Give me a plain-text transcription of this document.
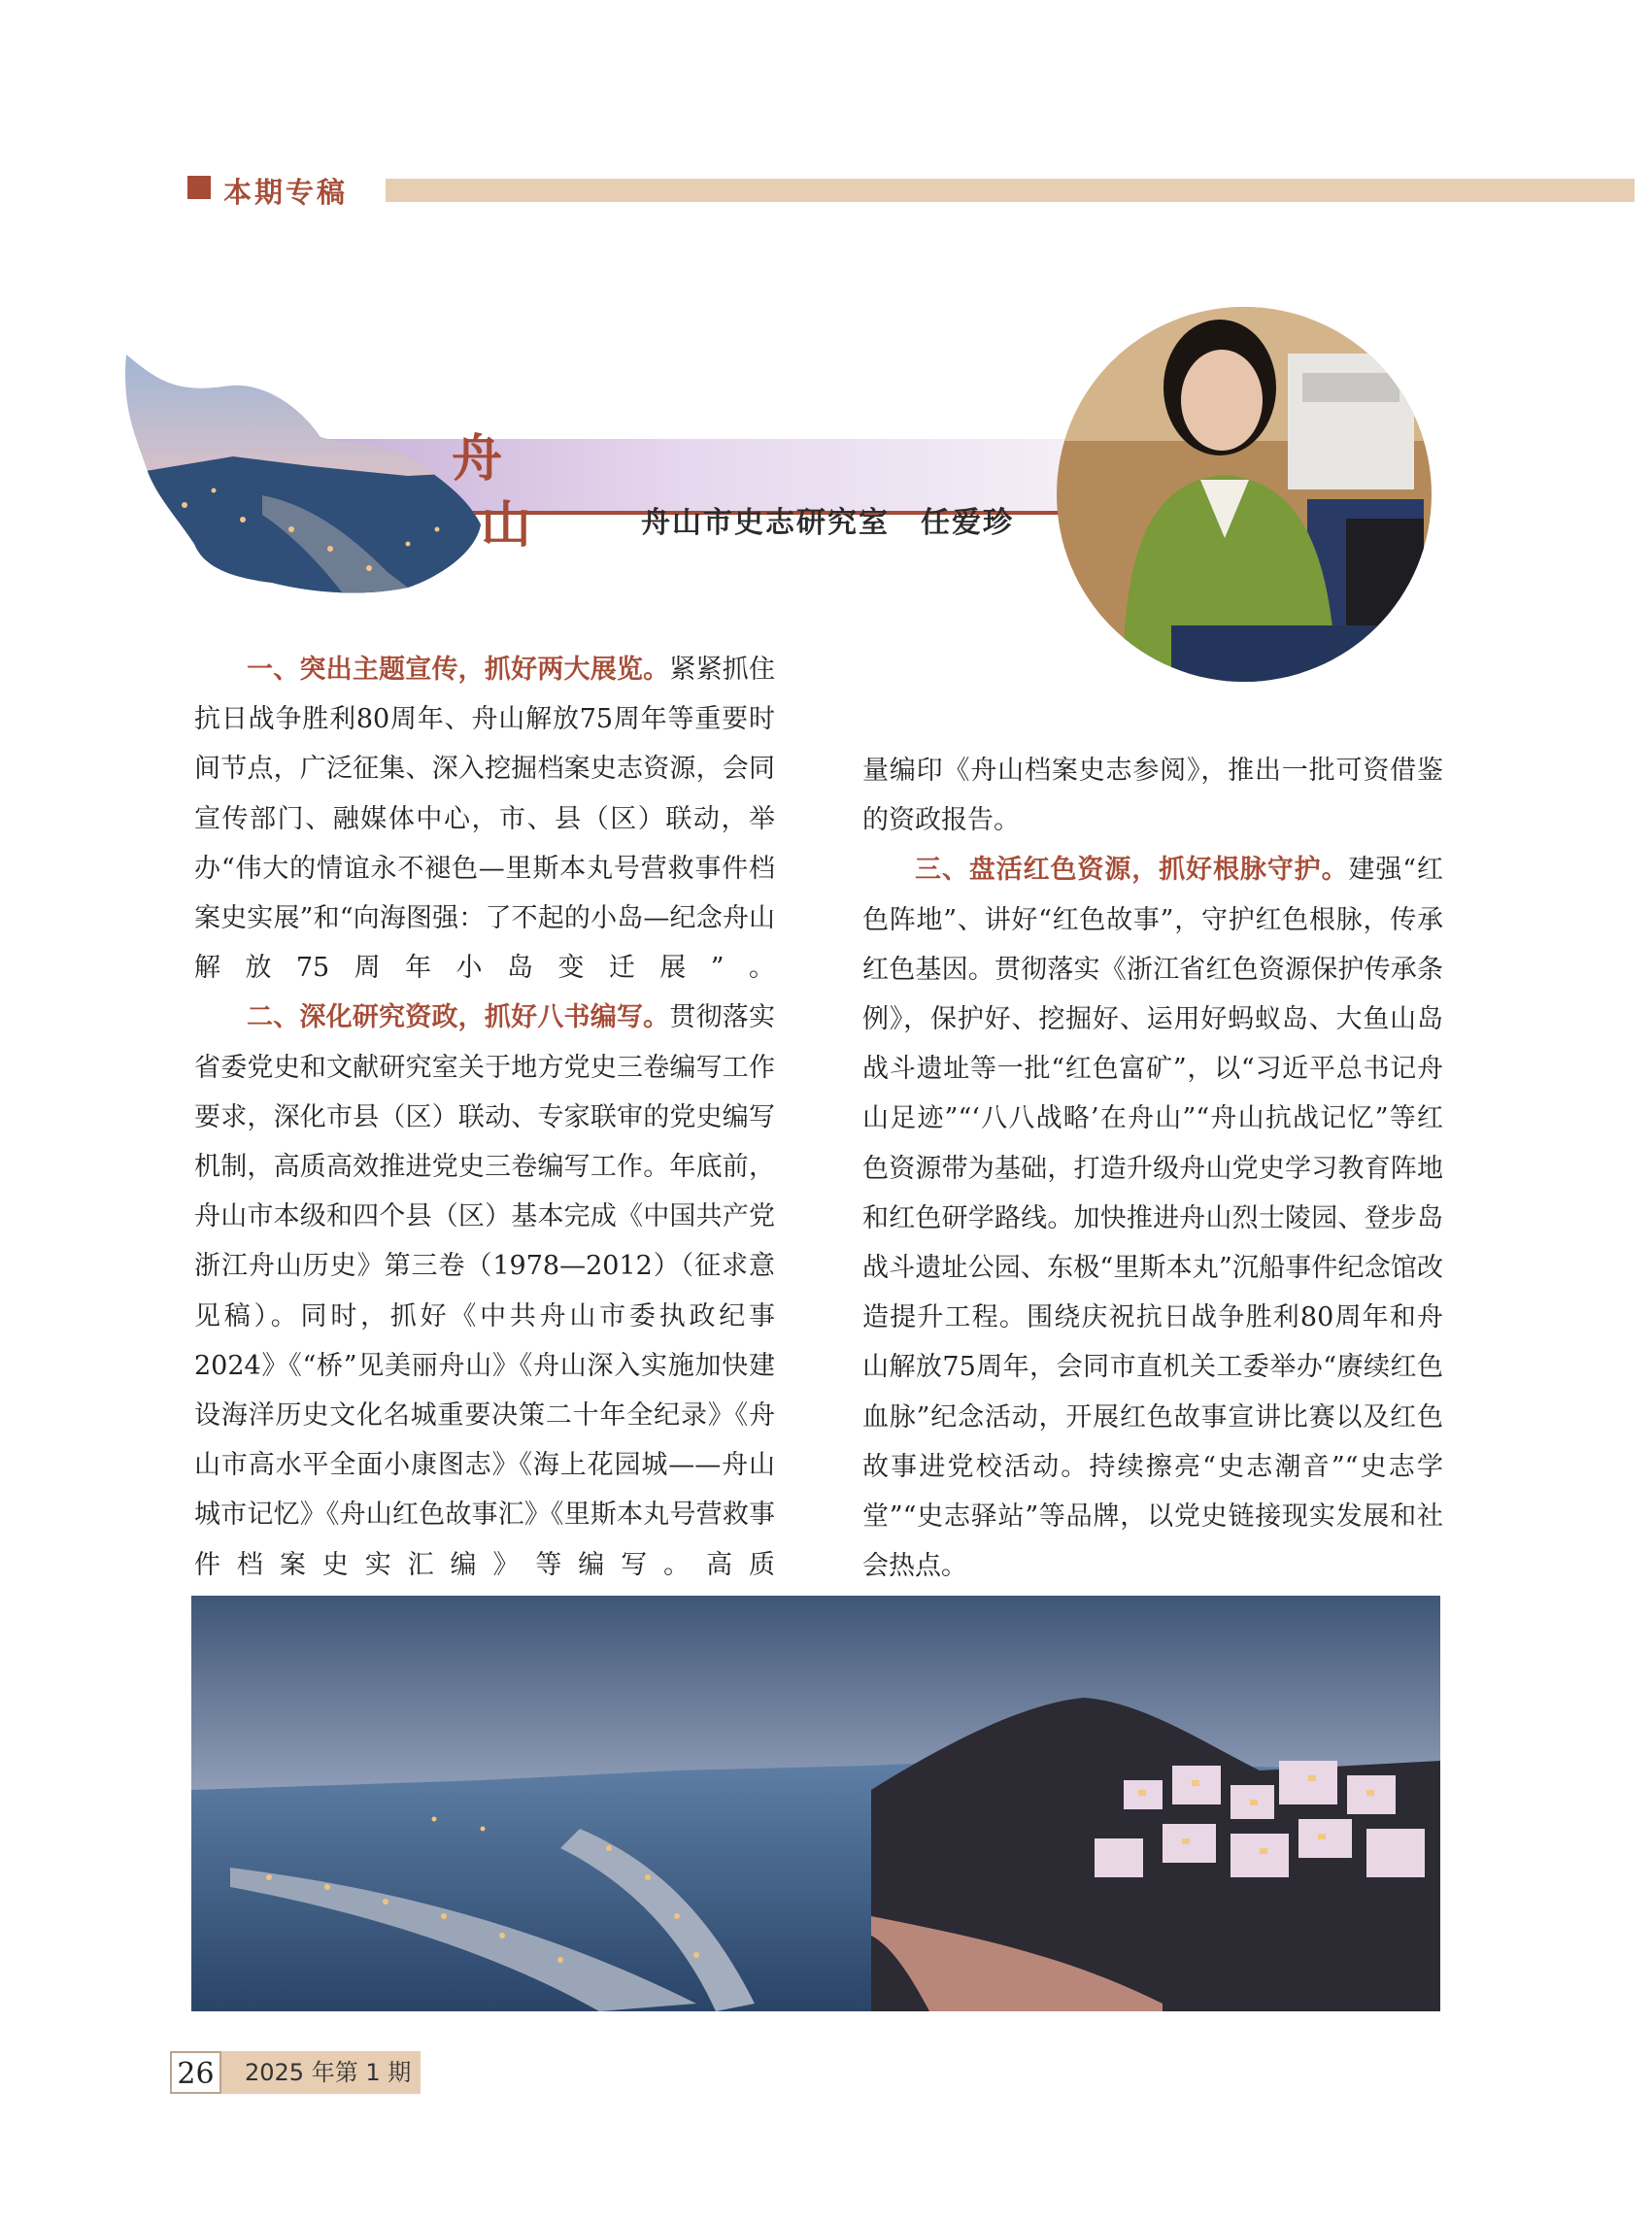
本期专稿
舟
山	舟山市史志研究室　任爱珍

一、突出主题宣传，抓好两大展览。紧紧抓住抗日战争胜利80周年、舟山解放75周年等重要时间节点，广泛征集、深入挖掘档案史志资源，会同宣传部门、融媒体中心，市、县（区）联动，举办“伟大的情谊永不褪色—里斯本丸号营救事件档案史实展”和“向海图强：了不起的小岛—纪念舟山解放75周年小岛变迁展”。

二、深化研究资政，抓好八书编写。贯彻落实省委党史和文献研究室关于地方党史三卷编写工作要求，深化市县（区）联动、专家联审的党史编写机制，高质高效推进党史三卷编写工作。年底前，舟山市本级和四个县（区）基本完成《中国共产党浙江舟山历史》第三卷（1978—2012）（征求意见稿）。同时，抓好《中共舟山市委执政纪事2024》《“桥”见美丽舟山》《舟山深入实施加快建设海洋历史文化名城重要决策二十年全纪录》《舟山市高水平全面小康图志》《海上花园城——舟山城市记忆》《舟山红色故事汇》《里斯本丸号营救事件档案史实汇编》等编写。高质

量编印《舟山档案史志参阅》，推出一批可资借鉴的资政报告。

三、盘活红色资源，抓好根脉守护。建强“红色阵地”、讲好“红色故事”，守护红色根脉，传承红色基因。贯彻落实《浙江省红色资源保护传承条例》，保护好、挖掘好、运用好蚂蚁岛、大鱼山岛战斗遗址等一批“红色富矿”，以“习近平总书记舟山足迹”“‘八八战略’在舟山”“舟山抗战记忆”等红色资源带为基础，打造升级舟山党史学习教育阵地和红色研学路线。加快推进舟山烈士陵园、登步岛战斗遗址公园、东极“里斯本丸”沉船事件纪念馆改造提升工程。围绕庆祝抗日战争胜利80周年和舟山解放75周年，会同市直机关工委举办“赓续红色血脉”纪念活动，开展红色故事宣讲比赛以及红色故事进党校活动。持续擦亮“史志潮音”“史志学堂”“史志驿站”等品牌，以党史链接现实发展和社会热点。

26	2025 年第 1 期
